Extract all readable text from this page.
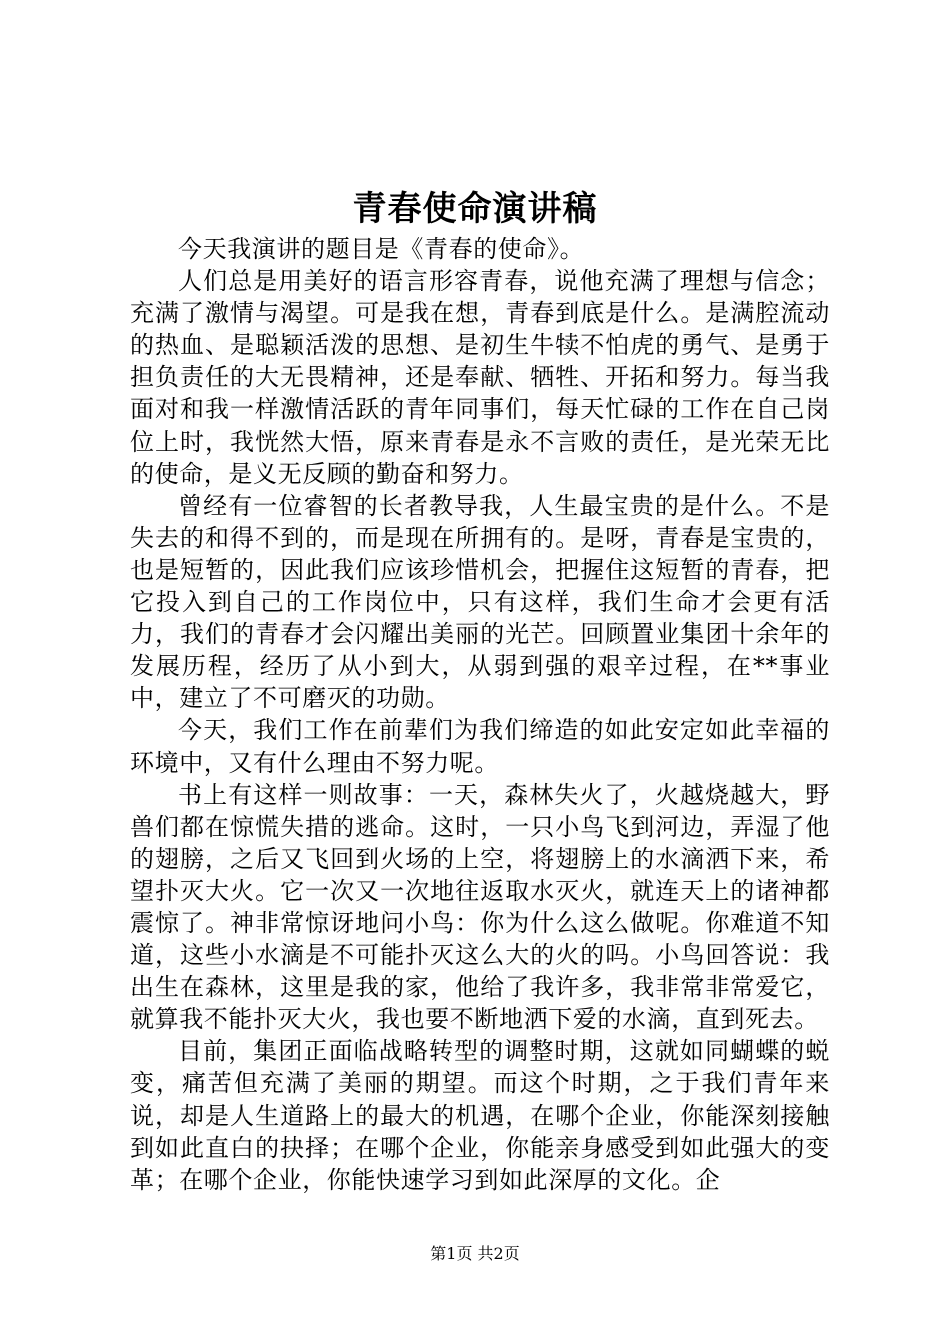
青春使命演讲稿

今天我演讲的题目是《青春的使命》。

人们总是用美好的语言形容青春，说他充满了理想与信念；充满了激情与渴望。可是我在想，青春到底是什么。是满腔流动的热血、是聪颖活泼的思想、是初生牛犊不怕虎的勇气、是勇于担负责任的大无畏精神，还是奉献、牺牲、开拓和努力。每当我面对和我一样激情活跃的青年同事们，每天忙碌的工作在自己岗位上时，我恍然大悟，原来青春是永不言败的责任，是光荣无比的使命，是义无反顾的勤奋和努力。

曾经有一位睿智的长者教导我，人生最宝贵的是什么。不是失去的和得不到的，而是现在所拥有的。是呀，青春是宝贵的，也是短暂的，因此我们应该珍惜机会，把握住这短暂的青春，把它投入到自己的工作岗位中，只有这样，我们生命才会更有活力，我们的青春才会闪耀出美丽的光芒。回顾置业集团十余年的发展历程，经历了从小到大，从弱到强的艰辛过程，在**事业中，建立了不可磨灭的功勋。

今天，我们工作在前辈们为我们缔造的如此安定如此幸福的环境中，又有什么理由不努力呢。

书上有这样一则故事：一天，森林失火了，火越烧越大，野兽们都在惊慌失措的逃命。这时，一只小鸟飞到河边，弄湿了他的翅膀，之后又飞回到火场的上空，将翅膀上的水滴洒下来，希望扑灭大火。它一次又一次地往返取水灭火，就连天上的诸神都震惊了。神非常惊讶地问小鸟：你为什么这么做呢。你难道不知道，这些小水滴是不可能扑灭这么大的火的吗。小鸟回答说：我出生在森林，这里是我的家，他给了我许多，我非常非常爱它，就算我不能扑灭大火，我也要不断地洒下爱的水滴，直到死去。

目前，集团正面临战略转型的调整时期，这就如同蝴蝶的蜕变，痛苦但充满了美丽的期望。而这个时期，之于我们青年来说，却是人生道路上的最大的机遇，在哪个企业，你能深刻接触到如此直白的抉择；在哪个企业，你能亲身感受到如此强大的变革；在哪个企业，你能快速学习到如此深厚的文化。企

第1页 共2页
